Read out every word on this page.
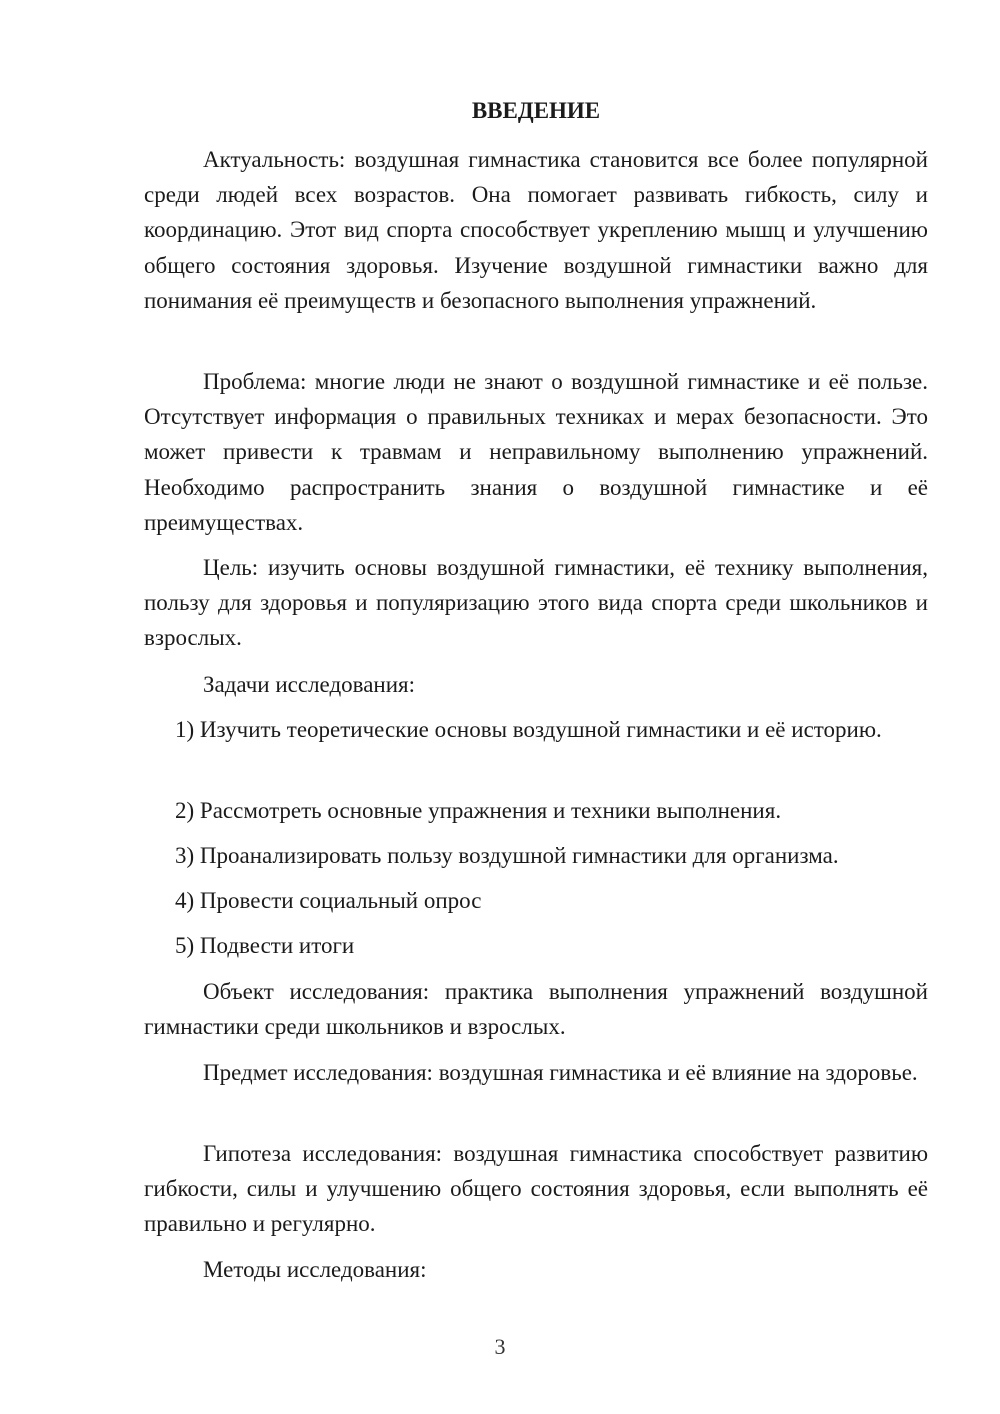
ВВЕДЕНИЕ

Актуальность: воздушная гимнастика становится все более популярной среди людей всех возрастов. Она помогает развивать гибкость, силу и координацию. Этот вид спорта способствует укреплению мышц и улучшению общего состояния здоровья. Изучение воздушной гимнастики важно для понимания её преимуществ и безопасного выполнения упражнений.

Проблема: многие люди не знают о воздушной гимнастике и её пользе. Отсутствует информация о правильных техниках и мерах безопасности. Это может привести к травмам и неправильному выполнению упражнений. Необходимо распространить знания о воздушной гимнастике и её преимуществах.

Цель: изучить основы воздушной гимнастики, её технику выполнения, пользу для здоровья и популяризацию этого вида спорта среди школьников и взрослых.

Задачи исследования:

1) Изучить теоретические основы воздушной гимнастики и её историю.

2) Рассмотреть основные упражнения и техники выполнения.

3) Проанализировать пользу воздушной гимнастики для организма.

4) Провести социальный опрос

5) Подвести итоги

Объект исследования: практика выполнения упражнений воздушной гимнастики среди школьников и взрослых.

Предмет исследования: воздушная гимнастика и её влияние на здоровье.

Гипотеза исследования: воздушная гимнастика способствует развитию гибкости, силы и улучшению общего состояния здоровья, если выполнять её правильно и регулярно.

Методы исследования:

3
